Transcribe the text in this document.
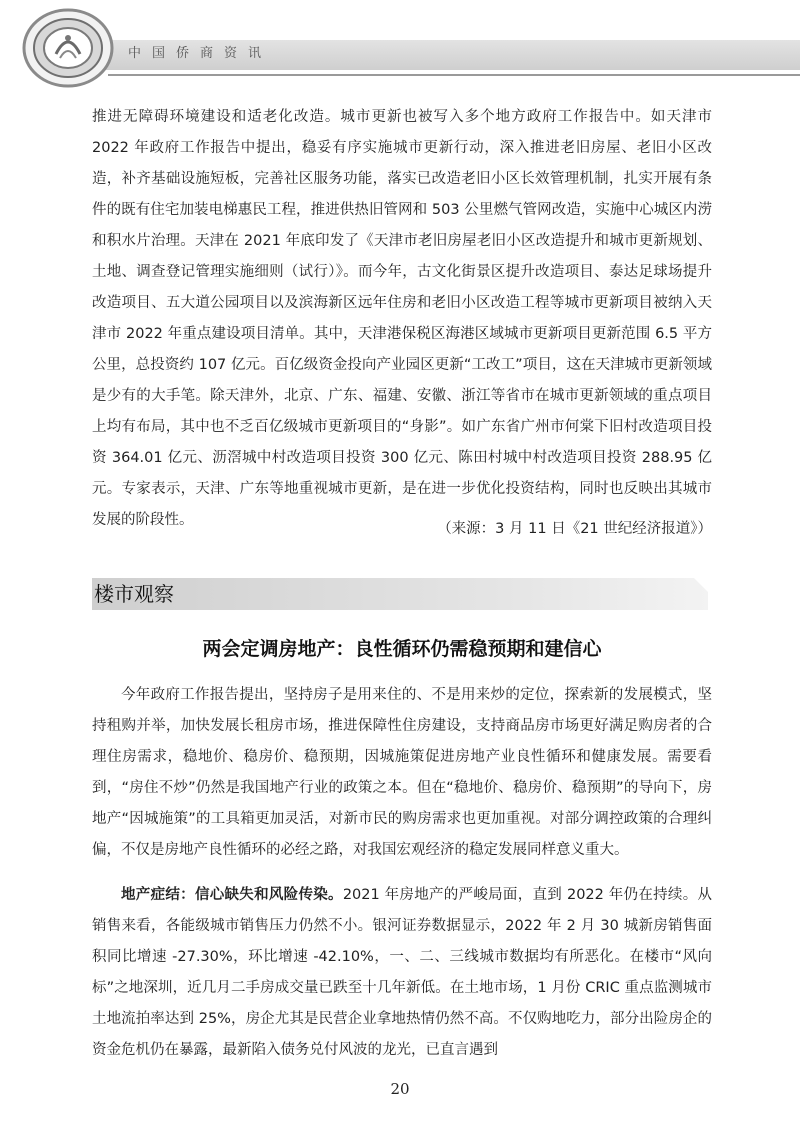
中国侨商资讯

推进无障碍环境建设和适老化改造。城市更新也被写入多个地方政府工作报告中。如天津市 2022 年政府工作报告中提出，稳妥有序实施城市更新行动，深入推进老旧房屋、老旧小区改造，补齐基础设施短板，完善社区服务功能，落实已改造老旧小区长效管理机制，扎实开展有条件的既有住宅加装电梯惠民工程，推进供热旧管网和 503 公里燃气管网改造，实施中心城区内涝和积水片治理。天津在 2021 年底印发了《天津市老旧房屋老旧小区改造提升和城市更新规划、土地、调查登记管理实施细则（试行）》。而今年，古文化街景区提升改造项目、泰达足球场提升改造项目、五大道公园项目以及滨海新区远年住房和老旧小区改造工程等城市更新项目被纳入天津市 2022 年重点建设项目清单。其中，天津港保税区海港区域城市更新项目更新范围 6.5 平方公里，总投资约 107 亿元。百亿级资金投向产业园区更新“工改工”项目，这在天津城市更新领域是少有的大手笔。除天津外，北京、广东、福建、安徽、浙江等省市在城市更新领域的重点项目上均有布局，其中也不乏百亿级城市更新项目的“身影”。如广东省广州市何棠下旧村改造项目投资 364.01 亿元、沥滘城中村改造项目投资 300 亿元、陈田村城中村改造项目投资 288.95 亿元。专家表示，天津、广东等地重视城市更新，是在进一步优化投资结构，同时也反映出其城市发展的阶段性。

（来源：3 月 11 日《21 世纪经济报道》）
楼市观察
两会定调房地产：良性循环仍需稳预期和建信心

今年政府工作报告提出，坚持房子是用来住的、不是用来炒的定位，探索新的发展模式，坚持租购并举，加快发展长租房市场，推进保障性住房建设，支持商品房市场更好满足购房者的合理住房需求，稳地价、稳房价、稳预期，因城施策促进房地产业良性循环和健康发展。需要看到，“房住不炒”仍然是我国地产行业的政策之本。但在“稳地价、稳房价、稳预期”的导向下，房地产“因城施策”的工具箱更加灵活，对新市民的购房需求也更加重视。对部分调控政策的合理纠偏，不仅是房地产良性循环的必经之路，对我国宏观经济的稳定发展同样意义重大。

地产症结：信心缺失和风险传染。2021 年房地产的严峻局面，直到 2022 年仍在持续。从销售来看，各能级城市销售压力仍然不小。银河证券数据显示，2022 年 2 月 30 城新房销售面积同比增速 -27.30%，环比增速 -42.10%，一、二、三线城市数据均有所恶化。在楼市“风向标”之地深圳，近几月二手房成交量已跌至十几年新低。在土地市场，1 月份 CRIC 重点监测城市土地流拍率达到 25%，房企尤其是民营企业拿地热情仍然不高。不仅购地吃力，部分出险房企的资金危机仍在暴露，最新陷入债务兑付风波的龙光，已直言遇到

20
